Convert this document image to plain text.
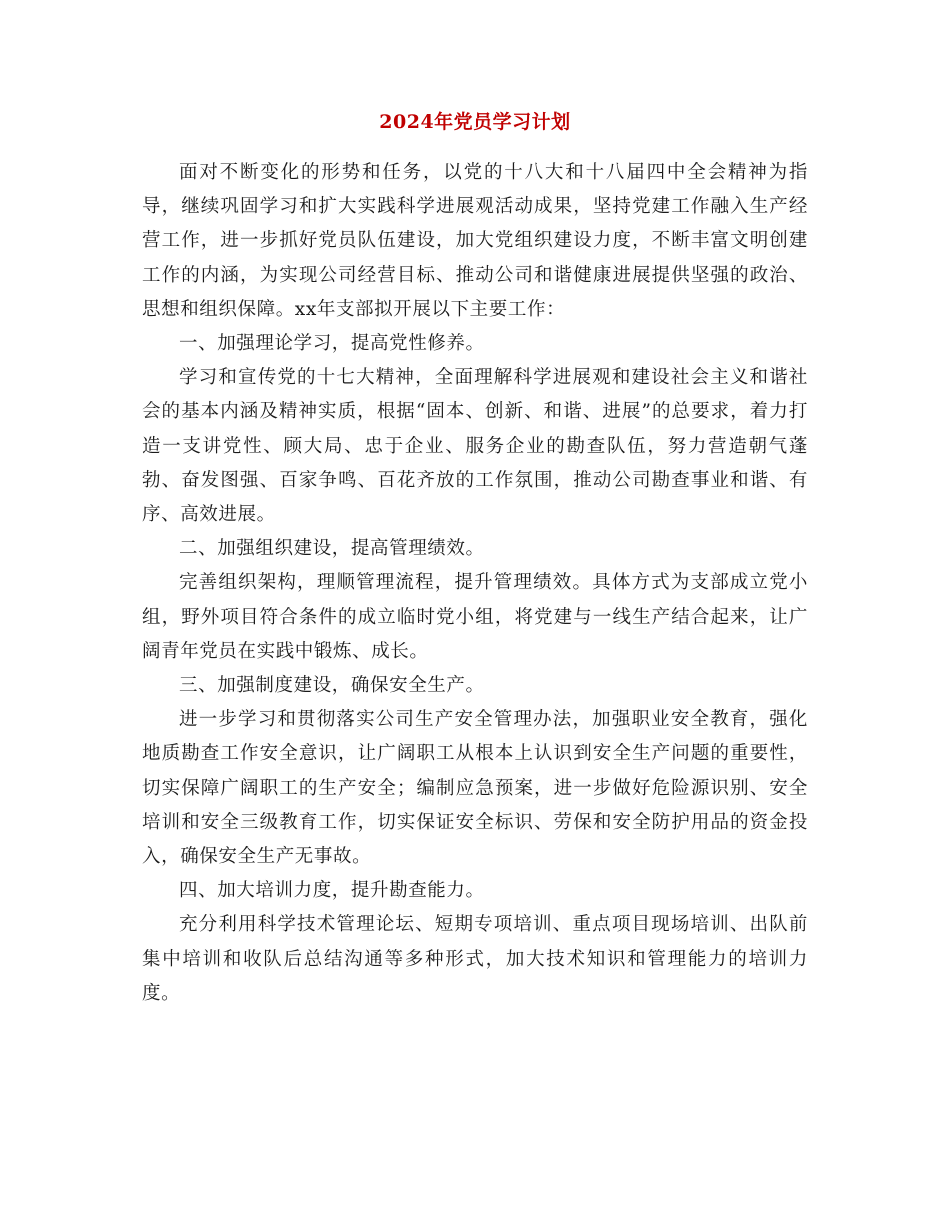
2024年党员学习计划

面对不断变化的形势和任务，以党的十八大和十八届四中全会精神为指导，继续巩固学习和扩大实践科学进展观活动成果，坚持党建工作融入生产经营工作，进一步抓好党员队伍建设，加大党组织建设力度，不断丰富文明创建工作的内涵，为实现公司经营目标、推动公司和谐健康进展提供坚强的政治、思想和组织保障。xx年支部拟开展以下主要工作：

一、加强理论学习，提高党性修养。

学习和宣传党的十七大精神，全面理解科学进展观和建设社会主义和谐社会的基本内涵及精神实质，根据“固本、创新、和谐、进展”的总要求，着力打造一支讲党性、顾大局、忠于企业、服务企业的勘查队伍，努力营造朝气蓬勃、奋发图强、百家争鸣、百花齐放的工作氛围，推动公司勘查事业和谐、有序、高效进展。

二、加强组织建设，提高管理绩效。

完善组织架构，理顺管理流程，提升管理绩效。具体方式为支部成立党小组，野外项目符合条件的成立临时党小组，将党建与一线生产结合起来，让广阔青年党员在实践中锻炼、成长。

三、加强制度建设，确保安全生产。

进一步学习和贯彻落实公司生产安全管理办法，加强职业安全教育，强化地质勘查工作安全意识，让广阔职工从根本上认识到安全生产问题的重要性，切实保障广阔职工的生产安全；编制应急预案，进一步做好危险源识别、安全培训和安全三级教育工作，切实保证安全标识、劳保和安全防护用品的资金投入，确保安全生产无事故。

四、加大培训力度，提升勘查能力。

充分利用科学技术管理论坛、短期专项培训、重点项目现场培训、出队前集中培训和收队后总结沟通等多种形式，加大技术知识和管理能力的培训力度。
